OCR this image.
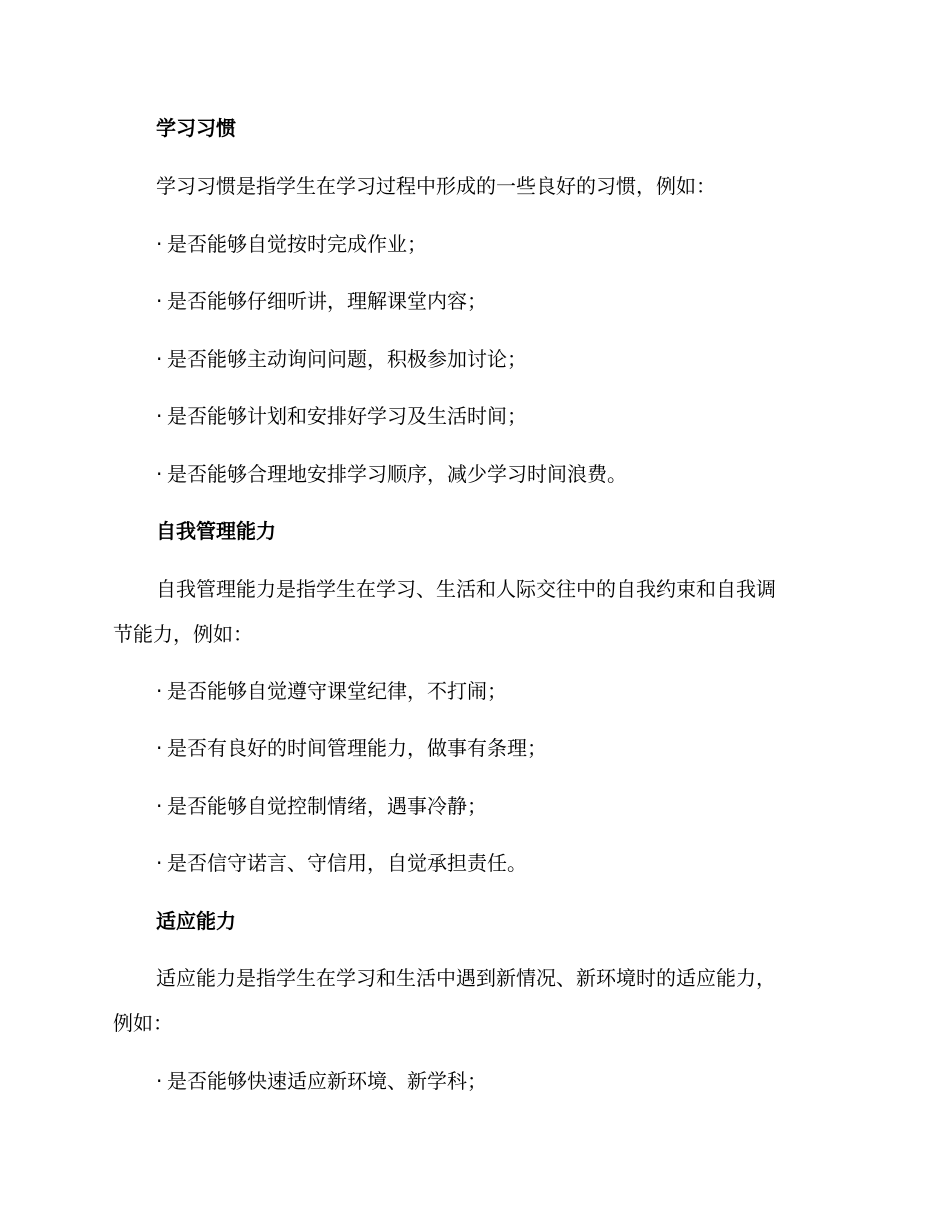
学习习惯
学习习惯是指学生在学习过程中形成的一些良好的习惯，例如：
· 是否能够自觉按时完成作业；
· 是否能够仔细听讲，理解课堂内容；
· 是否能够主动询问问题，积极参加讨论；
· 是否能够计划和安排好学习及生活时间；
· 是否能够合理地安排学习顺序，减少学习时间浪费。
自我管理能力
自我管理能力是指学生在学习、生活和人际交往中的自我约束和自我调
节能力，例如：
· 是否能够自觉遵守课堂纪律，不打闹；
· 是否有良好的时间管理能力，做事有条理；
· 是否能够自觉控制情绪，遇事冷静；
· 是否信守诺言、守信用，自觉承担责任。
适应能力
适应能力是指学生在学习和生活中遇到新情况、新环境时的适应能力，
例如：
· 是否能够快速适应新环境、新学科；
